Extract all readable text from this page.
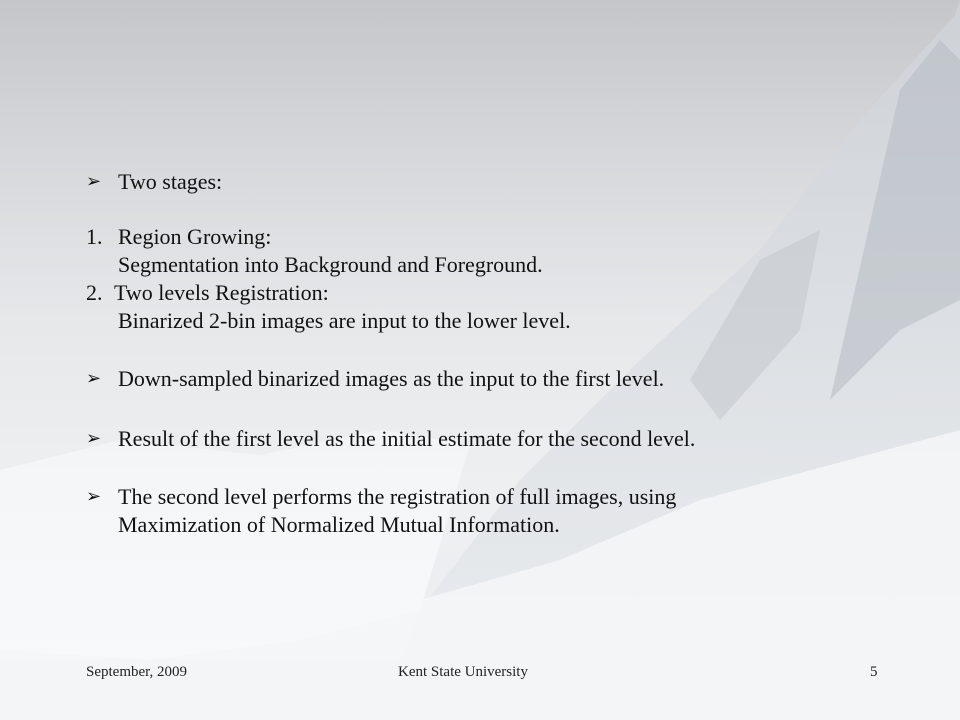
➢ Two stages:
1. Region Growing:
Segmentation into Background and Foreground.
2. Two levels Registration:
Binarized 2-bin images are input to the lower level.
➢ Down-sampled binarized images as the input to the first level.
➢ Result of the first level as the initial estimate for the second level.
➢ The second level performs the registration of full images, using
Maximization of Normalized Mutual Information.
September, 2009	Kent State University	5
